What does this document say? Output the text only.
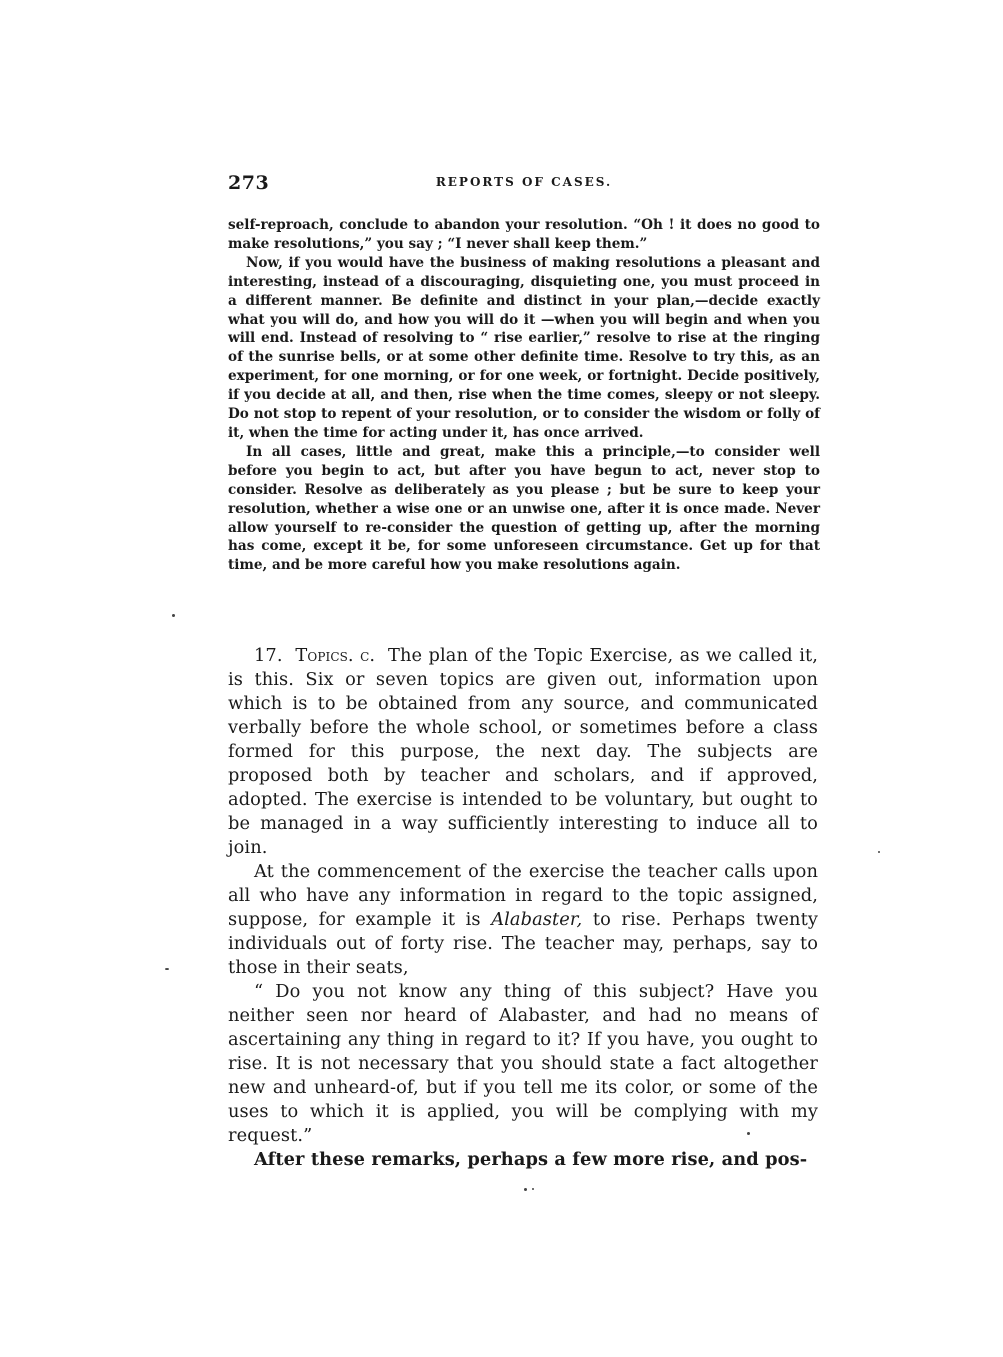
273	REPORTS OF CASES.

self-reproach, conclude to abandon your resolution. “Oh ! it does no good to make resolutions,” you say ; “I never shall keep them.”

Now, if you would have the business of making resolutions a pleasant and interesting, instead of a discouraging, disquieting one, you must proceed in a different manner. Be definite and distinct in your plan,—decide exactly what you will do, and how you will do it —when you will begin and when you will end. Instead of resolving to “ rise earlier,” resolve to rise at the ringing of the sunrise bells, or at some other definite time. Resolve to try this, as an experiment, for one morning, or for one week, or fortnight. Decide positively, if you decide at all, and then, rise when the time comes, sleepy or not sleepy. Do not stop to repent of your resolution, or to consider the wisdom or folly of it, when the time for acting under it, has once arrived.

In all cases, little and great, make this a principle,—to consider well before you begin to act, but after you have begun to act, never stop to consider. Resolve as deliberately as you please ; but be sure to keep your resolution, whether a wise one or an unwise one, after it is once made. Never allow yourself to re-consider the question of getting up, after the morning has come, except it be, for some unforeseen circumstance. Get up for that time, and be more careful how you make resolutions again.

17. Topics. c. The plan of the Topic Exercise, as we called it, is this. Six or seven topics are given out, information upon which is to be obtained from any source, and communicated verbally before the whole school, or sometimes before a class formed for this purpose, the next day. The subjects are proposed both by teacher and scholars, and if approved, adopted. The exercise is intended to be voluntary, but ought to be managed in a way sufficiently interesting to induce all to join.

At the commencement of the exercise the teacher calls upon all who have any information in regard to the topic assigned, suppose, for example it is Alabaster, to rise. Perhaps twenty individuals out of forty rise. The teacher may, perhaps, say to those in their seats,

“ Do you not know any thing of this subject? Have you neither seen nor heard of Alabaster, and had no means of ascertaining any thing in regard to it? If you have, you ought to rise. It is not necessary that you should state a fact altogether new and unheard-of, but if you tell me its color, or some of the uses to which it is applied, you will be complying with my request.”

After these remarks, perhaps a few more rise, and pos-
